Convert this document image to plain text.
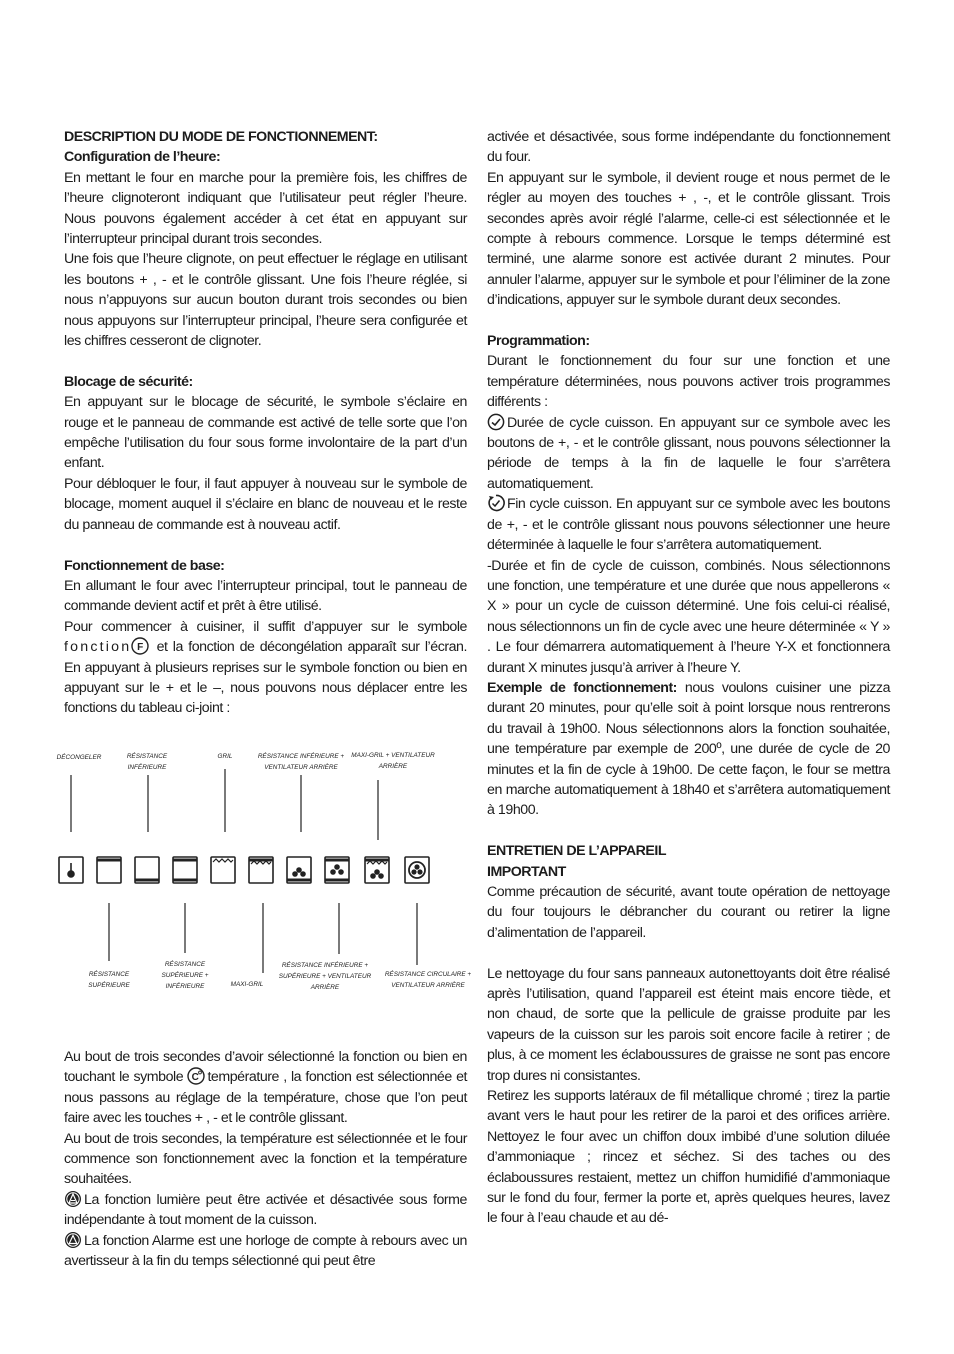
DESCRIPTION DU MODE DE FONCTIONNEMENT:

Configuration de l’heure:

En mettant le four en marche pour la première fois, les chiffres de l’heure clignoteront indiquant que l’utilisateur peut régler l’heure. Nous pouvons également accéder à cet état en appuyant sur l’interrupteur principal durant trois secondes.

Une fois que l’heure clignote, on peut effectuer le réglage en utilisant les boutons + , - et le contrôle glissant. Une fois l’heure réglée, si nous n’appuyons sur aucun bouton durant trois secondes ou bien nous appuyons sur l’interrupteur principal, l’heure sera configurée et les chiffres cesseront de clignoter.

Blocage de sécurité:

En appuyant sur le blocage de sécurité, le symbole s’éclaire en rouge et le panneau de commande est activé de telle sorte que l’on empêche l’utilisation du four sous forme involontaire de la part d’un enfant.

Pour débloquer le four, il faut appuyer à nouveau sur le symbole de blocage, moment auquel il s’éclaire en blanc de nouveau et le reste du panneau de commande est à nouveau actif.

Fonctionnement de base:

En allumant le four avec l’interrupteur principal, tout le panneau de commande devient actif et prêt à être utilisé.

Pour commencer à cuisiner, il suffit d’appuyer sur le symbole fonction F et la fonction de décongélation apparaît sur l’écran. En appuyant à plusieurs reprises sur le symbole fonction ou bien en appuyant sur le + et le –, nous pouvons nous déplacer entre les fonctions du tableau ci-joint :

DÉCONGELER	RÉSISTANCE
INFÉRIEURE
GRIL	RÉSISTANCE INFÉRIEURE +
VENTILATEUR ARRIÈRE
MAXI-GRIL + VENTILATEUR
ARRIÈRE
RÉSISTANCE
SUPÉRIEURE
RÉSISTANCE
SUPÉRIEURE +
INFÉRIEURE	MAXI-GRIL
RÉSISTANCE INFÉRIEURE +
SUPÉRIEURE + VENTILATEUR
ARRIÈRE
RÉSISTANCE CIRCULAIRE +
VENTILATEUR ARRIÈRE

Au bout de trois secondes d’avoir sélectionné la fonction ou bien en touchant le symbole C température , la fonction est sélectionnée et nous passons au réglage de la température, chose que l’on peut faire avec les touches + , - et le contrôle glissant.

Au bout de trois secondes, la température est sélectionnée et le four commence son fonctionnement avec la fonction et la température souhaitées.

La fonction lumière peut être activée et désactivée sous forme indépendante à tout moment de la cuisson.

La fonction Alarme est une horloge de compte à rebours avec un avertisseur à la fin du temps sélectionné qui peut être

activée et désactivée, sous forme indépendante du fonctionnement du four.

En appuyant sur le symbole, il devient rouge et nous permet de le régler au moyen des touches + , -, et le contrôle glissant. Trois secondes après avoir réglé l’alarme, celle-ci est sélectionnée et le compte à rebours commence. Lorsque le temps déterminé est terminé, une alarme sonore est activée durant 2 minutes. Pour annuler l’alarme, appuyer sur le symbole et pour l’éliminer de la zone d’indications, appuyer sur le symbole durant deux secondes.

Programmation:

Durant le fonctionnement du four sur une fonction et une température déterminées, nous pouvons activer trois programmes différents :

Durée de cycle cuisson. En appuyant sur ce symbole avec les boutons de +, - et le contrôle glissant, nous pouvons sélectionner la période de temps à la fin de laquelle le four s’arrêtera automatiquement.

Fin cycle cuisson. En appuyant sur ce symbole avec les boutons de +, - et le contrôle glissant nous pouvons sélectionner une heure déterminée à laquelle le four s’arrêtera automatiquement.

-Durée et fin de cycle de cuisson, combinés. Nous sélectionnons une fonction, une température et une durée que nous appellerons « X » pour un cycle de cuisson déterminé. Une fois celui-ci réalisé, nous sélectionnons un fin de cycle avec une heure déterminée « Y » . Le four démarrera automatiquement à l’heure Y-X et fonctionnera durant X minutes jusqu’à arriver à l’heure Y.

Exemple de fonctionnement: nous voulons cuisiner une pizza durant 20 minutes, pour qu’elle soit à point lorsque nous rentrerons du travail à 19h00. Nous sélectionnons alors la fonction souhaitée, une température par exemple de 200º, une durée de cycle de 20 minutes et la fin de cycle à 19h00. De cette façon, le four se mettra en marche automatiquement à 18h40 et s’arrêtera automatiquement à 19h00.

ENTRETIEN DE L’APPAREIL

IMPORTANT

Comme précaution de sécurité, avant toute opération de nettoyage du four toujours le débrancher du courant ou retirer la ligne d’alimentation de l’appareil.

Le nettoyage du four sans panneaux autonettoyants doit être réalisé après l’utilisation, quand l’appareil est éteint mais encore tiède, et non chaud, de sorte que la pellicule de graisse produite par les vapeurs de la cuisson sur les parois soit encore facile à retirer ; de plus, à ce moment les éclaboussures de graisse ne sont pas encore trop dures ni consistantes.

Retirez les supports latéraux de fil métallique chromé ; tirez la partie avant vers le haut pour les retirer de la paroi et des orifices arrière. Nettoyez le four avec un chiffon doux imbibé d’une solution diluée d’ammoniaque ; rincez et séchez. Si des taches ou des éclaboussures restaient, mettez un chiffon humidifié d’ammoniaque sur le fond du four, fermer la porte et, après quelques heures, lavez le four à l’eau chaude et au dé-
